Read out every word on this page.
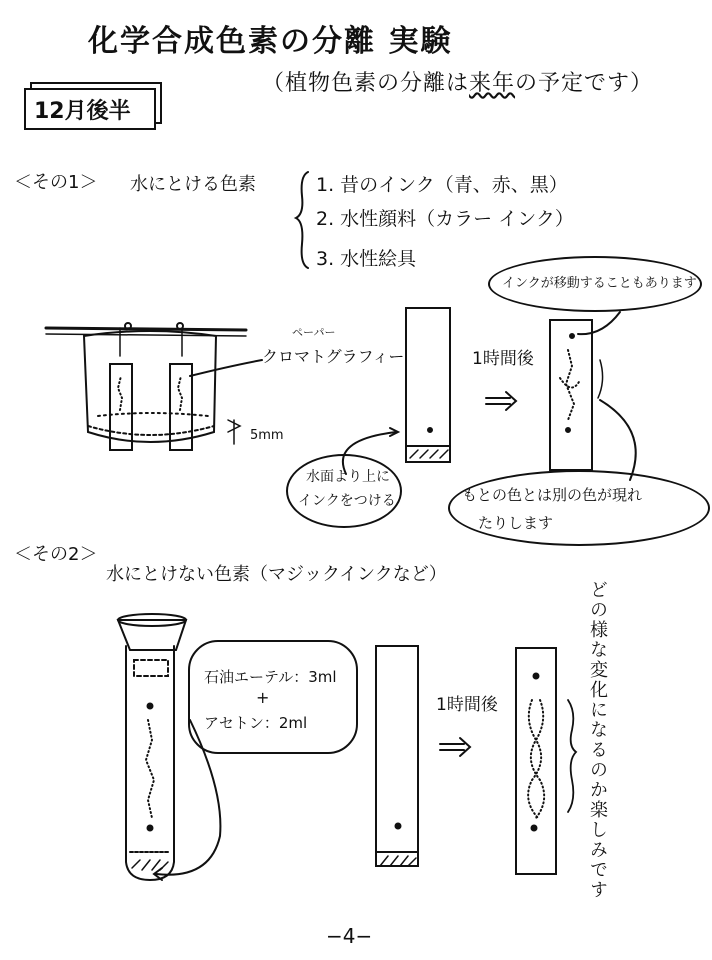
化学合成色素の分離 実験
（植物色素の分離は来年の予定です）
12月後半
＜その1＞ 水にとける色素	1. 昔のインク（青、赤、黒）
2. 水性顔料（カラー インク）
3. 水性絵具
ペーパー
クロマトグラフィー
5mm
1時間後
インクが移動することもあります
水面より上に
インクをつける	もとの色とは別の色が現れ
たりします
＜その2＞
水にとけない色素（マジックインクなど）
石油エーテル：3ml
+
アセトン：2ml
1時間後	どの様な変化になるのか楽しみです
−4−
